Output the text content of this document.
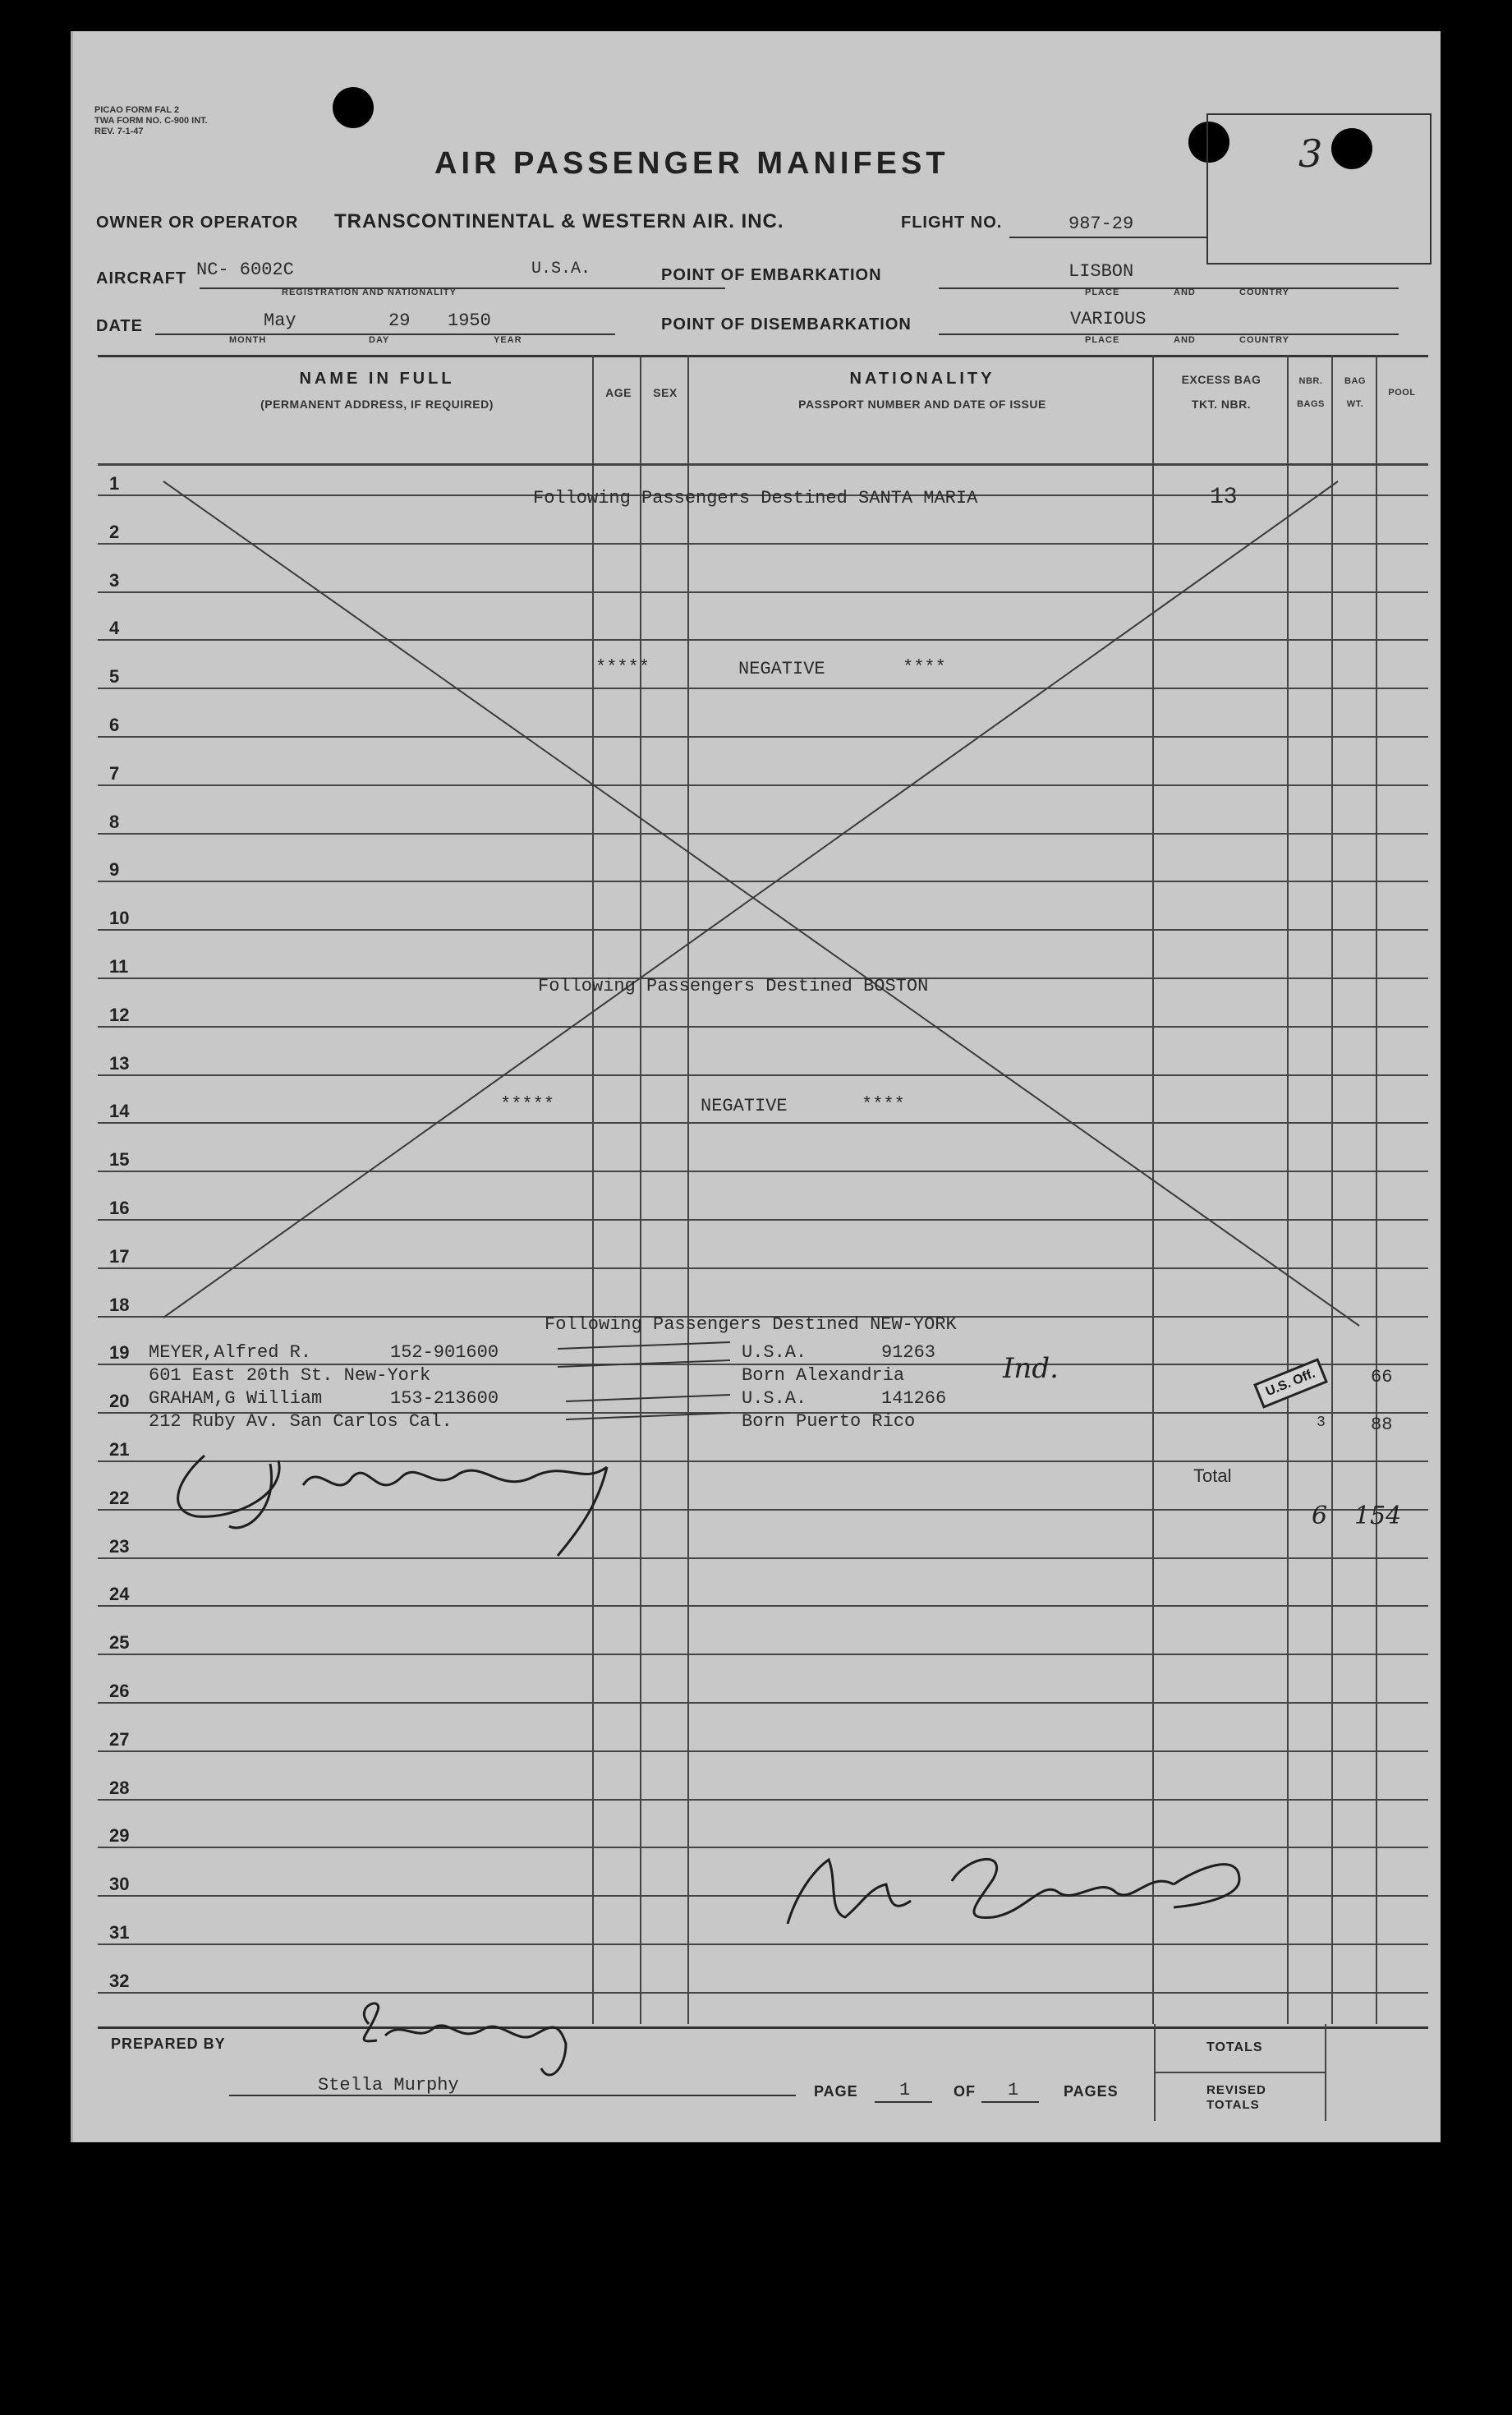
3
PICAO FORM FAL 2
TWA FORM NO. C-900 INT.
REV. 7-1-47
AIR PASSENGER MANIFEST
OWNER OR OPERATOR TRANSCONTINENTAL & WESTERN AIR. INC.	FLIGHT NO.	987-29
AIRCRAFT NC- 6002C	U.S.A.
REGISTRATION AND NATIONALITY
POINT OF EMBARKATION	LISBON
PLACE	AND	COUNTRY
DATE	May	29 1950
MONTH	DAY	YEAR
POINT OF DISEMBARKATION	VARIOUS
PLACE	AND	COUNTRY
NAME IN FULL
(PERMANENT ADDRESS, IF REQUIRED)
AGE	SEX
NATIONALITY
PASSPORT NUMBER AND DATE OF ISSUE
EXCESS BAG
TKT. NBR.
NBR.
BAGS
BAG
WT.
POOL
1
2
3
4
5
6
7
8
9
10
11
12
13
14
15
16
17
18
19
20
21
22
23
24
25
26
27
28
29
30
31
32
Following Passengers Destined SANTA MARIA	13
*****	NEGATIVE	****
Following Passengers Destined BOSTON
*****	NEGATIVE	****
Following Passengers Destined NEW-YORK
MEYER,Alfred R.	152-901600	U.S.A.	91263
601 East 20th St. New-York	Born Alexandria	Ind.	66
GRAHAM,G William	153-213600	U.S.A.	141266
212 Ruby Av. San Carlos Cal.	Born Puerto Rico	3	88
U.S. Off.
Total
6 154
PREPARED BY
Stella Murphy	PAGE 1	OF 1	PAGES
TOTALS
REVISED
TOTALS
